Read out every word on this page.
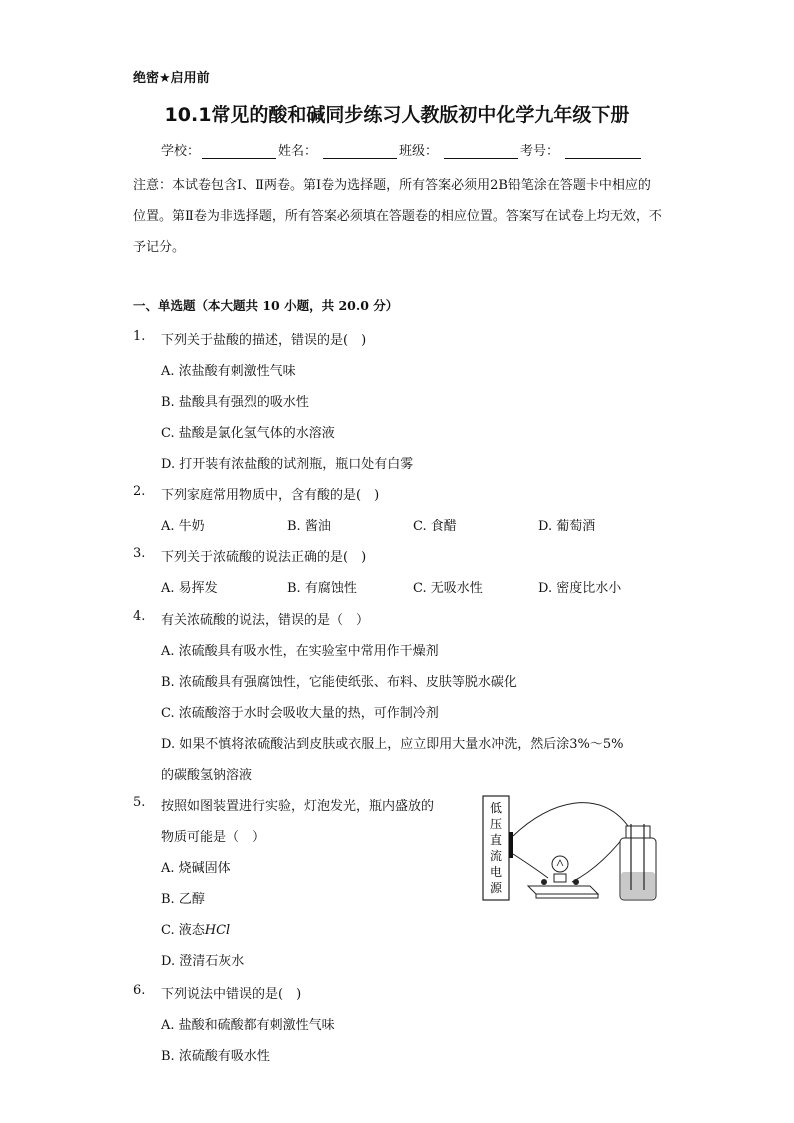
绝密★启用前
10.1常见的酸和碱同步练习人教版初中化学九年级下册
学校：	姓名：	班级：	考号：
注意：本试卷包含Ⅰ、Ⅱ两卷。第Ⅰ卷为选择题，所有答案必须用2B铅笔涂在答题卡中相应的位置。第Ⅱ卷为非选择题，所有答案必须填在答题卷的相应位置。答案写在试卷上均无效，不予记分。
一、单选题（本大题共 10 小题，共 20.0 分）
1. 下列关于盐酸的描述，错误的是(　)
A. 浓盐酸有刺激性气味
B. 盐酸具有强烈的吸水性
C. 盐酸是氯化氢气体的水溶液
D. 打开装有浓盐酸的试剂瓶，瓶口处有白雾
2. 下列家庭常用物质中，含有酸的是(　)
A. 牛奶	B. 酱油	C. 食醋	D. 葡萄酒
3. 下列关于浓硫酸的说法正确的是(　)
A. 易挥发	B. 有腐蚀性	C. 无吸水性	D. 密度比水小
4. 有关浓硫酸的说法，错误的是（　）
A. 浓硫酸具有吸水性，在实验室中常用作干燥剂
B. 浓硫酸具有强腐蚀性，它能使纸张、布料、皮肤等脱水碳化
C. 浓硫酸溶于水时会吸收大量的热，可作制冷剂
D. 如果不慎将浓硫酸沾到皮肤或衣服上，应立即用大量水冲洗，然后涂3%～5%
的碳酸氢钠溶液
5. 按照如图装置进行实验，灯泡发光，瓶内盛放的
物质可能是（　）
A. 烧碱固体
B. 乙醇
C. 液态HCl
D. 澄清石灰水
低
压
直
流
电
源
6. 下列说法中错误的是(　)
A. 盐酸和硫酸都有刺激性气味
B. 浓硫酸有吸水性
